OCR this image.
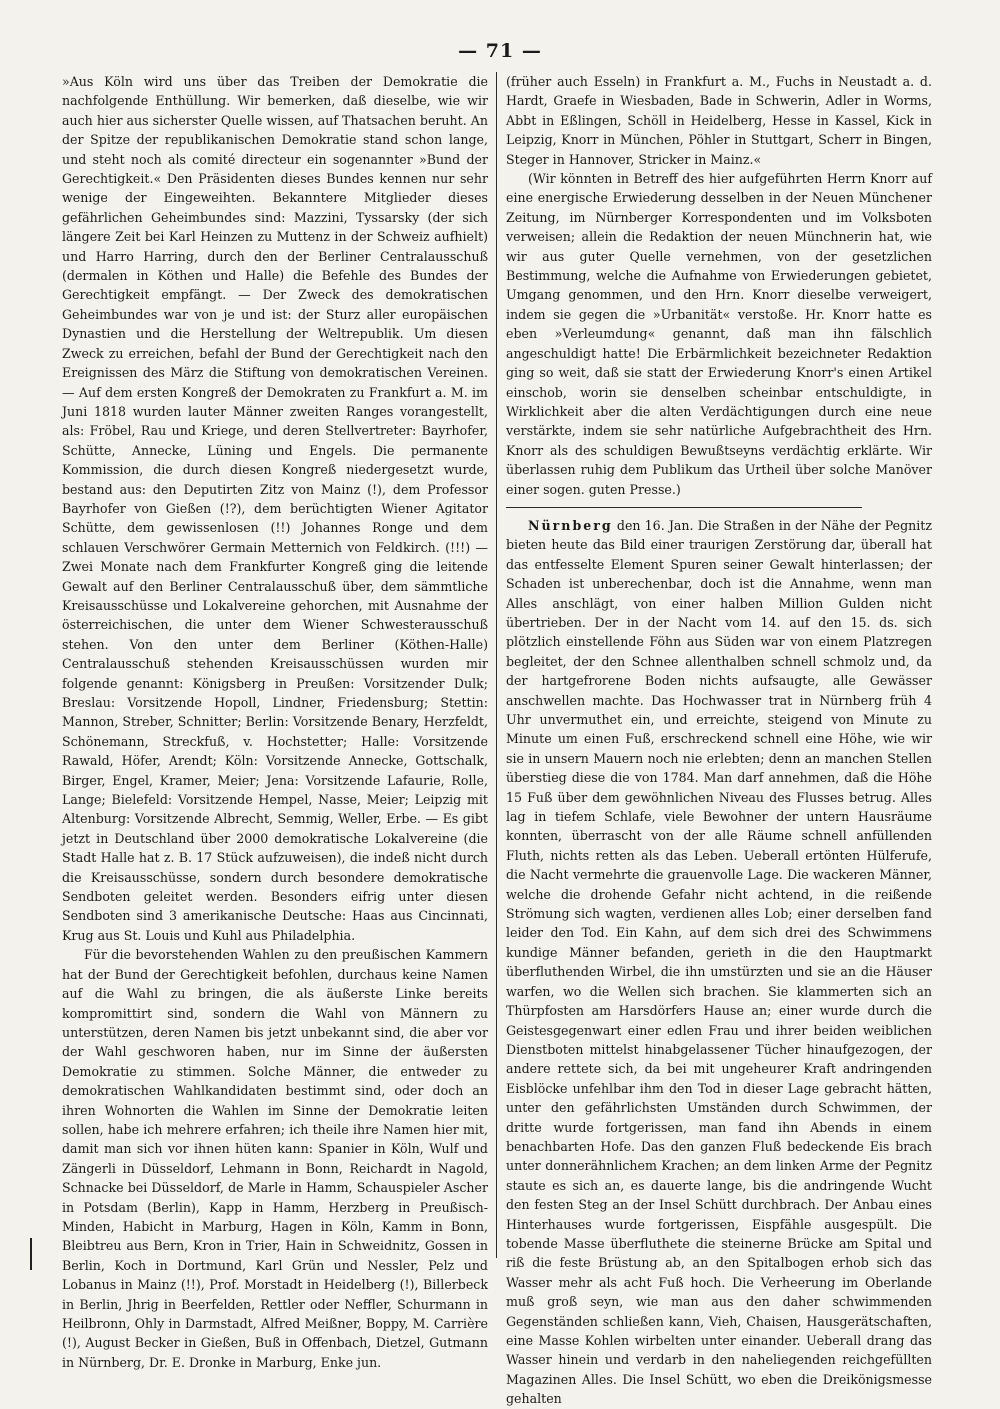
— 71 —

»Aus Köln wird uns über das Treiben der Demokratie die nachfolgende Enthüllung. Wir bemerken, daß dieselbe, wie wir auch hier aus sicherster Quelle wissen, auf Thatsachen beruht. An der Spitze der republikanischen Demokratie stand schon lange, und steht noch als comité directeur ein sogenannter »Bund der Gerechtigkeit.« Den Präsidenten dieses Bundes kennen nur sehr wenige der Eingeweihten. Bekanntere Mitglieder dieses gefährlichen Geheimbundes sind: Mazzini, Tyssarsky (der sich längere Zeit bei Karl Heinzen zu Muttenz in der Schweiz aufhielt) und Harro Harring, durch den der Berliner Centralausschuß (dermalen in Köthen und Halle) die Befehle des Bundes der Gerechtigkeit empfängt. — Der Zweck des demokratischen Geheimbundes war von je und ist: der Sturz aller europäischen Dynastien und die Herstellung der Weltrepublik. Um diesen Zweck zu erreichen, befahl der Bund der Gerechtigkeit nach den Ereignissen des März die Stiftung von demokratischen Vereinen. — Auf dem ersten Kongreß der Demokraten zu Frankfurt a. M. im Juni 1818 wurden lauter Männer zweiten Ranges vorangestellt, als: Fröbel, Rau und Kriege, und deren Stellvertreter: Bayrhofer, Schütte, Annecke, Lüning und Engels. Die permanente Kommission, die durch diesen Kongreß niedergesetzt wurde, bestand aus: den Deputirten Zitz von Mainz (!), dem Professor Bayrhofer von Gießen (!?), dem berüchtigten Wiener Agitator Schütte, dem gewissenlosen (!!) Johannes Ronge und dem schlauen Verschwörer Germain Metternich von Feldkirch. (!!!) — Zwei Monate nach dem Frankfurter Kongreß ging die leitende Gewalt auf den Berliner Centralausschuß über, dem sämmtliche Kreisausschüsse und Lokalvereine gehorchen, mit Ausnahme der österreichischen, die unter dem Wiener Schwesterausschuß stehen. Von den unter dem Berliner (Köthen-Halle) Centralausschuß stehenden Kreisausschüssen wurden mir folgende genannt: Königsberg in Preußen: Vorsitzender Dulk; Breslau: Vorsitzende Hopoll, Lindner, Friedensburg; Stettin: Mannon, Streber, Schnitter; Berlin: Vorsitzende Benary, Herzfeldt, Schönemann, Streckfuß, v. Hochstetter; Halle: Vorsitzende Rawald, Höfer, Arendt; Köln: Vorsitzende Annecke, Gottschalk, Birger, Engel, Kramer, Meier; Jena: Vorsitzende Lafaurie, Rolle, Lange; Bielefeld: Vorsitzende Hempel, Nasse, Meier; Leipzig mit Altenburg: Vorsitzende Albrecht, Semmig, Weller, Erbe. — Es gibt jetzt in Deutschland über 2000 demokratische Lokalvereine (die Stadt Halle hat z. B. 17 Stück aufzuweisen), die indeß nicht durch die Kreisausschüsse, sondern durch besondere demokratische Sendboten geleitet werden. Besonders eifrig unter diesen Sendboten sind 3 amerikanische Deutsche: Haas aus Cincinnati, Krug aus St. Louis und Kuhl aus Philadelphia.

Für die bevorstehenden Wahlen zu den preußischen Kammern hat der Bund der Gerechtigkeit befohlen, durchaus keine Namen auf die Wahl zu bringen, die als äußerste Linke bereits kompromittirt sind, sondern die Wahl von Männern zu unterstützen, deren Namen bis jetzt unbekannt sind, die aber vor der Wahl geschworen haben, nur im Sinne der äußersten Demokratie zu stimmen. Solche Männer, die entweder zu demokratischen Wahlkandidaten bestimmt sind, oder doch an ihren Wohnorten die Wahlen im Sinne der Demokratie leiten sollen, habe ich mehrere erfahren; ich theile ihre Namen hier mit, damit man sich vor ihnen hüten kann: Spanier in Köln, Wulf und Zängerli in Düsseldorf, Lehmann in Bonn, Reichardt in Nagold, Schnacke bei Düsseldorf, de Marle in Hamm, Schauspieler Ascher in Potsdam (Berlin), Kapp in Hamm, Herzberg in Preußisch-Minden, Habicht in Marburg, Hagen in Köln, Kamm in Bonn, Bleibtreu aus Bern, Kron in Trier, Hain in Schweidnitz, Gossen in Berlin, Koch in Dortmund, Karl Grün und Nessler, Pelz und Lobanus in Mainz (!!), Prof. Morstadt in Heidelberg (!), Billerbeck in Berlin, Jhrig in Beerfelden, Rettler oder Neffler, Schurmann in Heilbronn, Ohly in Darmstadt, Alfred Meißner, Boppy, M. Carrière (!), August Becker in Gießen, Buß in Offenbach, Dietzel, Gutmann in Nürnberg, Dr. E. Dronke in Marburg, Enke jun.

(früher auch Esseln) in Frankfurt a. M., Fuchs in Neustadt a. d. Hardt, Graefe in Wiesbaden, Bade in Schwerin, Adler in Worms, Abbt in Eßlingen, Schöll in Heidelberg, Hesse in Kassel, Kick in Leipzig, Knorr in München, Pöhler in Stuttgart, Scherr in Bingen, Steger in Hannover, Stricker in Mainz.«

(Wir könnten in Betreff des hier aufgeführten Herrn Knorr auf eine energische Erwiederung desselben in der Neuen Münchener Zeitung, im Nürnberger Korrespondenten und im Volksboten verweisen; allein die Redaktion der neuen Münchnerin hat, wie wir aus guter Quelle vernehmen, von der gesetzlichen Bestimmung, welche die Aufnahme von Erwiederungen gebietet, Umgang genommen, und den Hrn. Knorr dieselbe verweigert, indem sie gegen die »Urbanität« verstoße. Hr. Knorr hatte es eben »Verleumdung« genannt, daß man ihn fälschlich angeschuldigt hatte! Die Erbärmlichkeit bezeichneter Redaktion ging so weit, daß sie statt der Erwiederung Knorr's einen Artikel einschob, worin sie denselben scheinbar entschuldigte, in Wirklichkeit aber die alten Verdächtigungen durch eine neue verstärkte, indem sie sehr natürliche Aufgebrachtheit des Hrn. Knorr als des schuldigen Bewußtseyns verdächtig erklärte. Wir überlassen ruhig dem Publikum das Urtheil über solche Manöver einer sogen. guten Presse.)

Nürnberg den 16. Jan. Die Straßen in der Nähe der Pegnitz bieten heute das Bild einer traurigen Zerstörung dar, überall hat das entfesselte Element Spuren seiner Gewalt hinterlassen; der Schaden ist unberechenbar, doch ist die Annahme, wenn man Alles anschlägt, von einer halben Million Gulden nicht übertrieben. Der in der Nacht vom 14. auf den 15. ds. sich plötzlich einstellende Föhn aus Süden war von einem Platzregen begleitet, der den Schnee allenthalben schnell schmolz und, da der hartgefrorene Boden nichts aufsaugte, alle Gewässer anschwellen machte. Das Hochwasser trat in Nürnberg früh 4 Uhr unvermuthet ein, und erreichte, steigend von Minute zu Minute um einen Fuß, erschreckend schnell eine Höhe, wie wir sie in unsern Mauern noch nie erlebten; denn an manchen Stellen überstieg diese die von 1784. Man darf annehmen, daß die Höhe 15 Fuß über dem gewöhnlichen Niveau des Flusses betrug. Alles lag in tiefem Schlafe, viele Bewohner der untern Hausräume konnten, überrascht von der alle Räume schnell anfüllenden Fluth, nichts retten als das Leben. Ueberall ertönten Hülferufe, die Nacht vermehrte die grauenvolle Lage. Die wackeren Männer, welche die drohende Gefahr nicht achtend, in die reißende Strömung sich wagten, verdienen alles Lob; einer derselben fand leider den Tod. Ein Kahn, auf dem sich drei des Schwimmens kundige Männer befanden, gerieth in die den Hauptmarkt überfluthenden Wirbel, die ihn umstürzten und sie an die Häuser warfen, wo die Wellen sich brachen. Sie klammerten sich an Thürpfosten am Harsdörfers Hause an; einer wurde durch die Geistesgegenwart einer edlen Frau und ihrer beiden weiblichen Dienstboten mittelst hinabgelassener Tücher hinaufgezogen, der andere rettete sich, da bei mit ungeheurer Kraft andringenden Eisblöcke unfehlbar ihm den Tod in dieser Lage gebracht hätten, unter den gefährlichsten Umständen durch Schwimmen, der dritte wurde fortgerissen, man fand ihn Abends in einem benachbarten Hofe. Das den ganzen Fluß bedeckende Eis brach unter donnerähnlichem Krachen; an dem linken Arme der Pegnitz staute es sich an, es dauerte lange, bis die andringende Wucht den festen Steg an der Insel Schütt durchbrach. Der Anbau eines Hinterhauses wurde fortgerissen, Eispfähle ausgespült. Die tobende Masse überfluthete die steinerne Brücke am Spital und riß die feste Brüstung ab, an den Spitalbogen erhob sich das Wasser mehr als acht Fuß hoch. Die Verheerung im Oberlande muß groß seyn, wie man aus den daher schwimmenden Gegenständen schließen kann, Vieh, Chaisen, Hausgerätschaften, eine Masse Kohlen wirbelten unter einander. Ueberall drang das Wasser hinein und verdarb in den naheliegenden reichgefüllten Magazinen Alles. Die Insel Schütt, wo eben die Dreikönigsmesse gehalten
